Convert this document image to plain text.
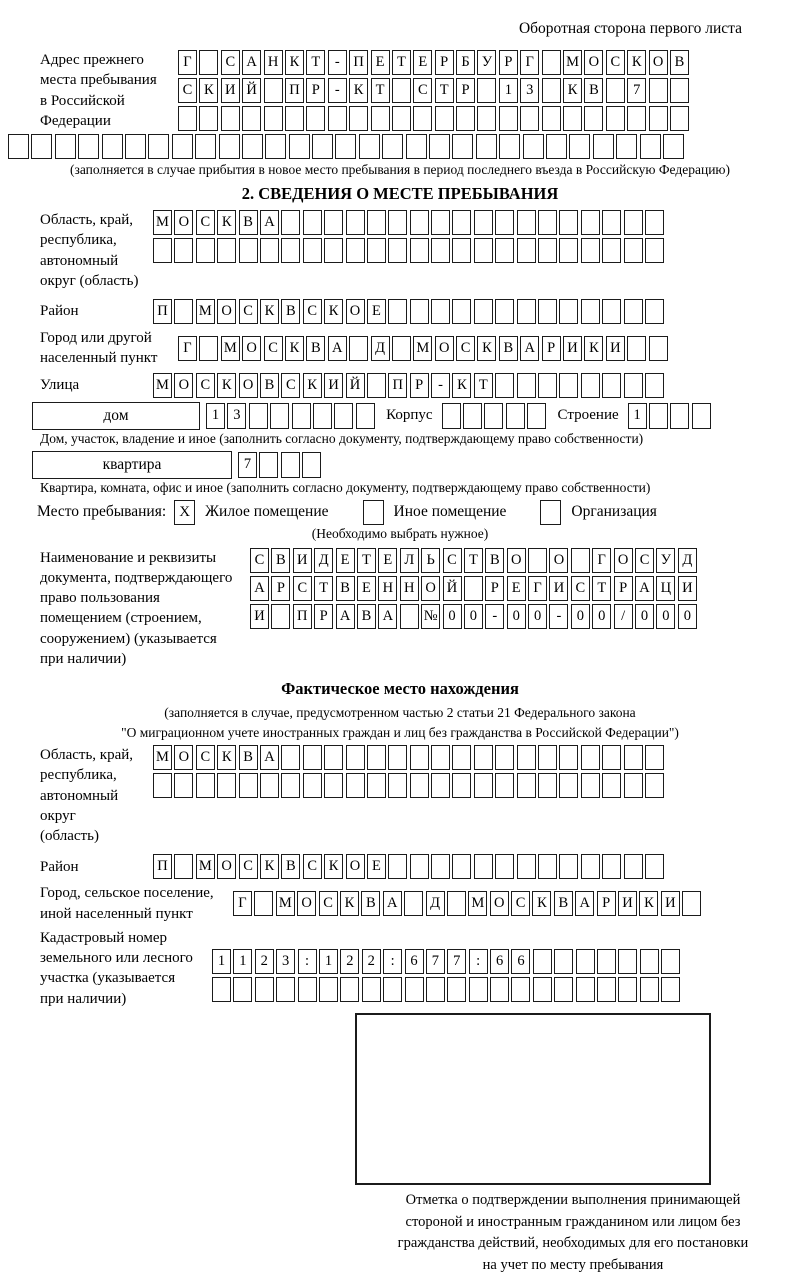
Оборотная сторона первого листа
Адрес прежнего
места пребывания
в Российской
Федерации
Г	С А Н К Т	- П Е Т Е Р Б У Р Г	М О С К О В
С К И Й П Р	- К Т	С Т Р	1 3	К В	7
(заполняется в случае прибытия в новое место пребывания в период последнего въезда в Российскую Федерацию)
2. СВЕДЕНИЯ О МЕСТЕ ПРЕБЫВАНИЯ
Область, край,
республика,
автономный
округ (область)
М О С К В А
Район	П М О С К В С К О Е
Город или другой
населенный пункт
Г	М О С К В А	Д	М О С К В А Р И К И
Улица	М О С К О В С К И Й П Р	- К Т
дом	1 3	Корпус	Строение	1
Дом, участок, владение и иное (заполнить согласно документу, подтверждающему право собственности)
квартира	7
Квартира, комната, офис и иное (заполнить согласно документу, подтверждающему право собственности)
Место пребывания: X Жилое помещение	Иное помещение	Организация
(Необходимо выбрать нужное)
Наименование и реквизиты
документа, подтверждающего
право пользования
помещением (строением,
сооружением) (указывается
при наличии)
С В И Д Е Т Е Л Ь С Т В О О	Г О С У Д
А Р С Т В Е Н Н О Й	Р Е Г И С Т Р А Ц И
И П Р А В А № 0 0	-	0 0	-	0 0	/	0 0 0
Фактическое место нахождения
(заполняется в случае, предусмотренном частью 2 статьи 21 Федерального закона
"О миграционном учете иностранных граждан и лиц без гражданства в Российской Федерации")
Область, край,
республика,
автономный округ
(область)
М О С К В А
Район	П М О С К В С К О Е
Город, сельское поселение,
иной населенный пункт
Г	М О С К В А	Д	М О С К В А Р И К И
Кадастровый номер
земельного или лесного
участка (указывается
при наличии)
1 1 2 3	:	1 2 2	:	6 7 7	:	6 6
Отметка о подтверждении выполнения принимающей
стороной и иностранным гражданином или лицом без
гражданства действий, необходимых для его постановки
на учет по месту пребывания
